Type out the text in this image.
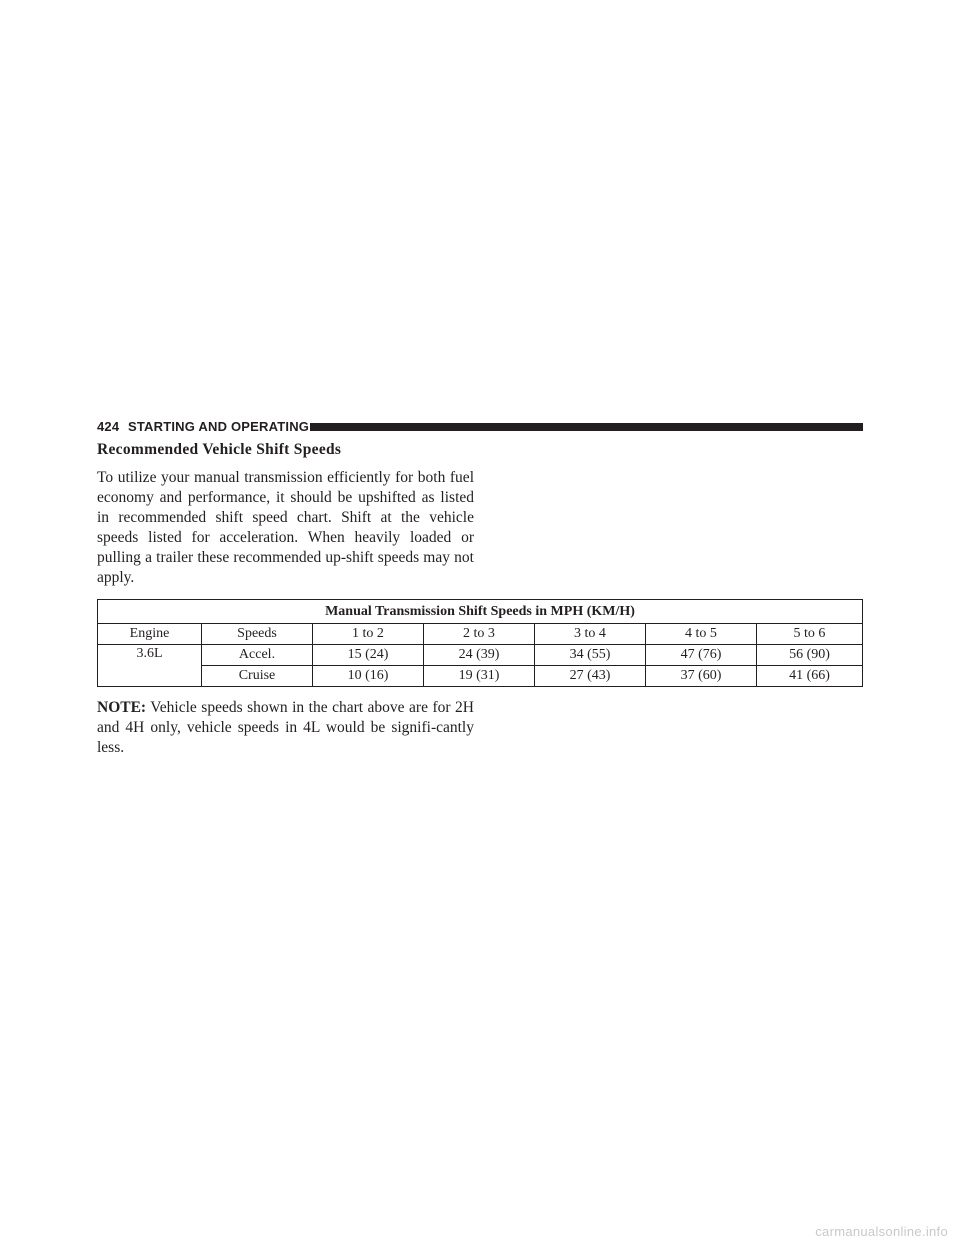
424 STARTING AND OPERATING
Recommended Vehicle Shift Speeds

To utilize your manual transmission efficiently for both fuel economy and performance, it should be upshifted as listed in recommended shift speed chart. Shift at the vehicle speeds listed for acceleration. When heavily loaded or pulling a trailer these recommended up-shift speeds may not apply.

Manual Transmission Shift Speeds in MPH (KM/H)						
Engine	Speeds	1 to 2	2 to 3	3 to 4	4 to 5	5 to 6
3.6L	Accel.	15 (24)	24 (39)	34 (55)	47 (76)	56 (90)
	Cruise	10 (16)	19 (31)	27 (43)	37 (60)	41 (66)

NOTE: Vehicle speeds shown in the chart above are for 2H and 4H only, vehicle speeds in 4L would be signifi-cantly less.

carmanualsonline.info
